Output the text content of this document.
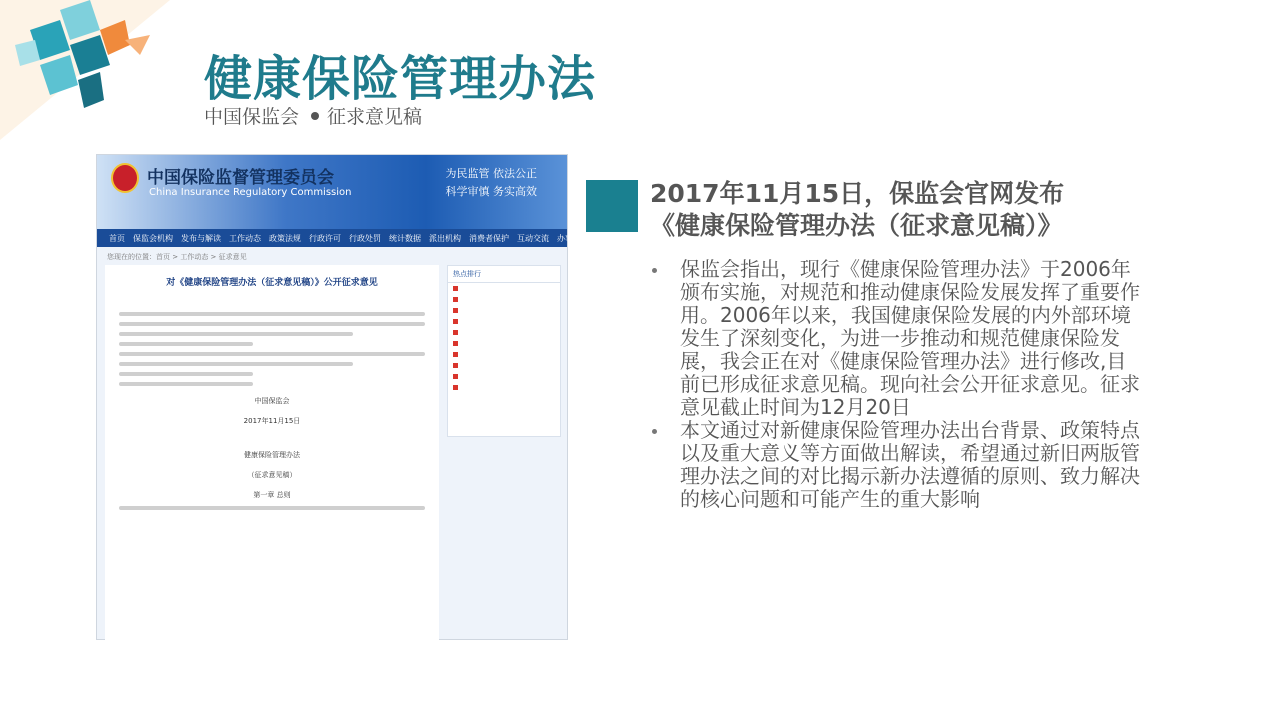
健康保险管理办法
中国保监会 征求意见稿
中国保险监督管理委员会
China Insurance Regulatory Commission
为民监管 依法公正
科学审慎 务实高效
首页 保监会机构 发布与解读 工作动态 政策法规 行政许可 行政处罚 统计数据 派出机构 消费者保护 互动交流 办事服务
您现在的位置：首页 > 工作动态 > 征求意见
对《健康保险管理办法（征求意见稿）》公开征求意见

中国保监会
2017年11月15日
健康保险管理办法
（征求意见稿）
第一章 总则
热点排行

2017年11月15日，保监会官网发布
《健康保险管理办法（征求意见稿）》
保监会指出，现行《健康保险管理办法》于2006年颁布实施，对规范和推动健康保险发展发挥了重要作用。2006年以来，我国健康保险发展的内外部环境发生了深刻变化，为进一步推动和规范健康保险发展，我会正在对《健康保险管理办法》进行修改,目前已形成征求意见稿。现向社会公开征求意见。征求意见截止时间为12月20日
本文通过对新健康保险管理办法出台背景、政策特点以及重大意义等方面做出解读，希望通过新旧两版管理办法之间的对比揭示新办法遵循的原则、致力解决的核心问题和可能产生的重大影响
